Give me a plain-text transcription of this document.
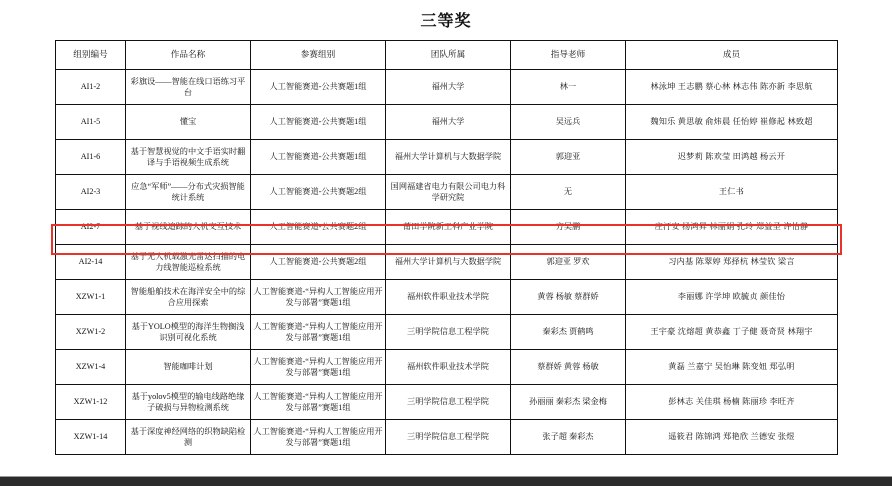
三等奖
组别编号	作品名称	参赛组别	团队所属	指导老师	成员
AI1-2	彩旗设——智能在线口语练习平台	人工智能赛道-公共赛题1组	福州大学	林一	林泳坤 王志鹏 蔡心林 林志伟 陈亦新 李思航
AI1-5	懂宝	人工智能赛道-公共赛题1组	福州大学	吴远兵	魏知乐 黄思敏 俞炜晨 任怡婷 崔修起 林致超
AI1-6	基于智慧视觉的中文手语实时翻译与手语视频生成系统	人工智能赛道-公共赛题1组	福州大学计算机与大数据学院	郭迎亚	迟梦莉 陈欢莹 田鸿越 杨云开
AI2-3	应急“军师”——分布式灾损智能统计系统	人工智能赛道-公共赛题2组	国网福建省电力有限公司电力科学研究院	无	王仁书
AI2-7	基于视线追踪的人机交互技术	人工智能赛道-公共赛题2组	莆田学院新工科产业学院	方吴鹏	庄汀安 杨鸿昇 林丽娟 孔玲 郑益圣 许怡静
AI2-14	基于无人机载激光雷达扫描的电力线智能巡检系统	人工智能赛道-公共赛题2组	福州大学计算机与大数据学院	郭迎亚 罗欢	习内基 陈翠婷 郑择杭 林莹钦 梁言
XZW1-1	智能船舶技术在海洋安全中的综合应用探索	人工智能赛道-“异构人工智能应用开发与部署”赛题1组	福州软件职业技术学院	黄蓉 杨敏 蔡群娇	李丽娜 许学坤 欧毓贞 颜佳怡
XZW1-2	基于YOLO模型的海洋生物搁浅识别可视化系统	人工智能赛道-“异构人工智能应用开发与部署”赛题1组	三明学院信息工程学院	秦彩杰 贾鹤鸣	王宇豪 沈熔超 黄恭鑫 丁子健 聂奇贤 林翔宇
XZW1-4	智能咖啡计划	人工智能赛道-“异构人工智能应用开发与部署”赛题1组	福州软件职业技术学院	蔡群娇 黄蓉 杨敏	黄磊 兰嘉宁 吴怡琳 陈变妞 郑弘明
XZW1-12	基于yolov5模型的输电线路绝缘子破损与异物检测系统	人工智能赛道-“异构人工智能应用开发与部署”赛题1组	三明学院信息工程学院	孙丽丽 秦彩杰 梁金梅	彭林志 关佳琪 杨楠 陈丽珍 李旺齐
XZW1-14	基于深度神经网络的织物缺陷检测	人工智能赛道-“异构人工智能应用开发与部署”赛题1组	三明学院信息工程学院	张子超 秦彩杰	遥筱君 陈锦鸿 郑艳欣 兰德安 张煜
